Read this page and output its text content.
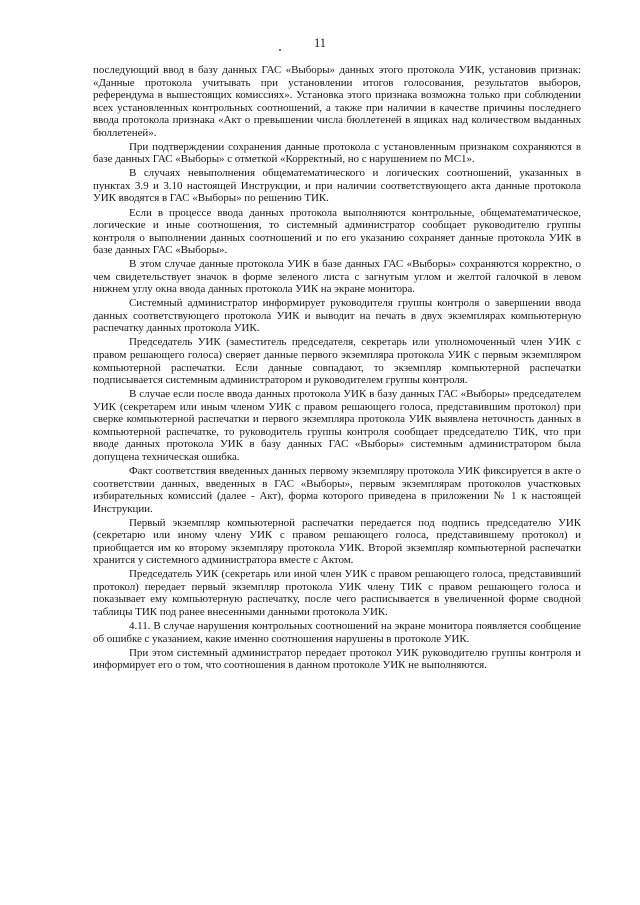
11

последующий ввод в базу данных ГАС «Выборы» данных этого протокола УИК, установив признак: «Данные протокола учитывать при установлении итогов голосования, результатов выборов, референдума в вышестоящих комиссиях». Установка этого признака возможна только при соблюдении всех установленных контрольных соотношений, а также при наличии в качестве причины последнего ввода протокола признака «Акт о превышении числа бюллетеней в ящиках над количеством выданных бюллетеней».

При подтверждении сохранения данные протокола с установленным признаком сохраняются в базе данных ГАС «Выборы» с отметкой «Корректный, но с нарушением по МС1».

В случаях невыполнения общематематического и логических соотношений, указанных в пунктах 3.9 и 3.10 настоящей Инструкции, и при наличии соответствующего акта данные протокола УИК вводятся в ГАС «Выборы» по решению ТИК.

Если в процессе ввода данных протокола выполняются контрольные, общематематическое, логические и иные соотношения, то системный администратор сообщает руководителю группы контроля о выполнении данных соотношений и по его указанию сохраняет данные протокола УИК в базе данных ГАС «Выборы».

В этом случае данные протокола УИК в базе данных ГАС «Выборы» сохраняются корректно, о чем свидетельствует значок в форме зеленого листа с загнутым углом и желтой галочкой в левом нижнем углу окна ввода данных протокола УИК на экране монитора.

Системный администратор информирует руководителя группы контроля о завершении ввода данных соответствующего протокола УИК и выводит на печать в двух экземплярах компьютерную распечатку данных протокола УИК.

Председатель УИК (заместитель председателя, секретарь или уполномоченный член УИК с правом решающего голоса) сверяет данные первого экземпляра протокола УИК с первым экземпляром компьютерной распечатки. Если данные совпадают, то экземпляр компьютерной распечатки подписывается системным администратором и руководителем группы контроля.

В случае если после ввода данных протокола УИК в базу данных ГАС «Выборы» председателем УИК (секретарем или иным членом УИК с правом решающего голоса, представившим протокол) при сверке компьютерной распечатки и первого экземпляра протокола УИК выявлена неточность данных в компьютерной распечатке, то руководитель группы контроля сообщает председателю ТИК, что при вводе данных протокола УИК в базу данных ГАС «Выборы» системным администратором была допущена техническая ошибка.

Факт соответствия введенных данных первому экземпляру протокола УИК фиксируется в акте о соответствии данных, введенных в ГАС «Выборы», первым экземплярам протоколов участковых избирательных комиссий (далее - Акт), форма которого приведена в приложении № 1 к настоящей Инструкции.

Первый экземпляр компьютерной распечатки передается под подпись председателю УИК (секретарю или иному члену УИК с правом решающего голоса, представившему протокол) и приобщается им ко второму экземпляру протокола УИК. Второй экземпляр компьютерной распечатки хранится у системного администратора вместе с Актом.

Председатель УИК (секретарь или иной член УИК с правом решающего голоса, представивший протокол) передает первый экземпляр протокола УИК члену ТИК с правом решающего голоса и показывает ему компьютерную распечатку, после чего расписывается в увеличенной форме сводной таблицы ТИК под ранее внесенными данными протокола УИК.

4.11. В случае нарушения контрольных соотношений на экране монитора появляется сообщение об ошибке с указанием, какие именно соотношения нарушены в протоколе УИК.

При этом системный администратор передает протокол УИК руководителю группы контроля и информирует его о том, что соотношения в данном протоколе УИК не выполняются.
